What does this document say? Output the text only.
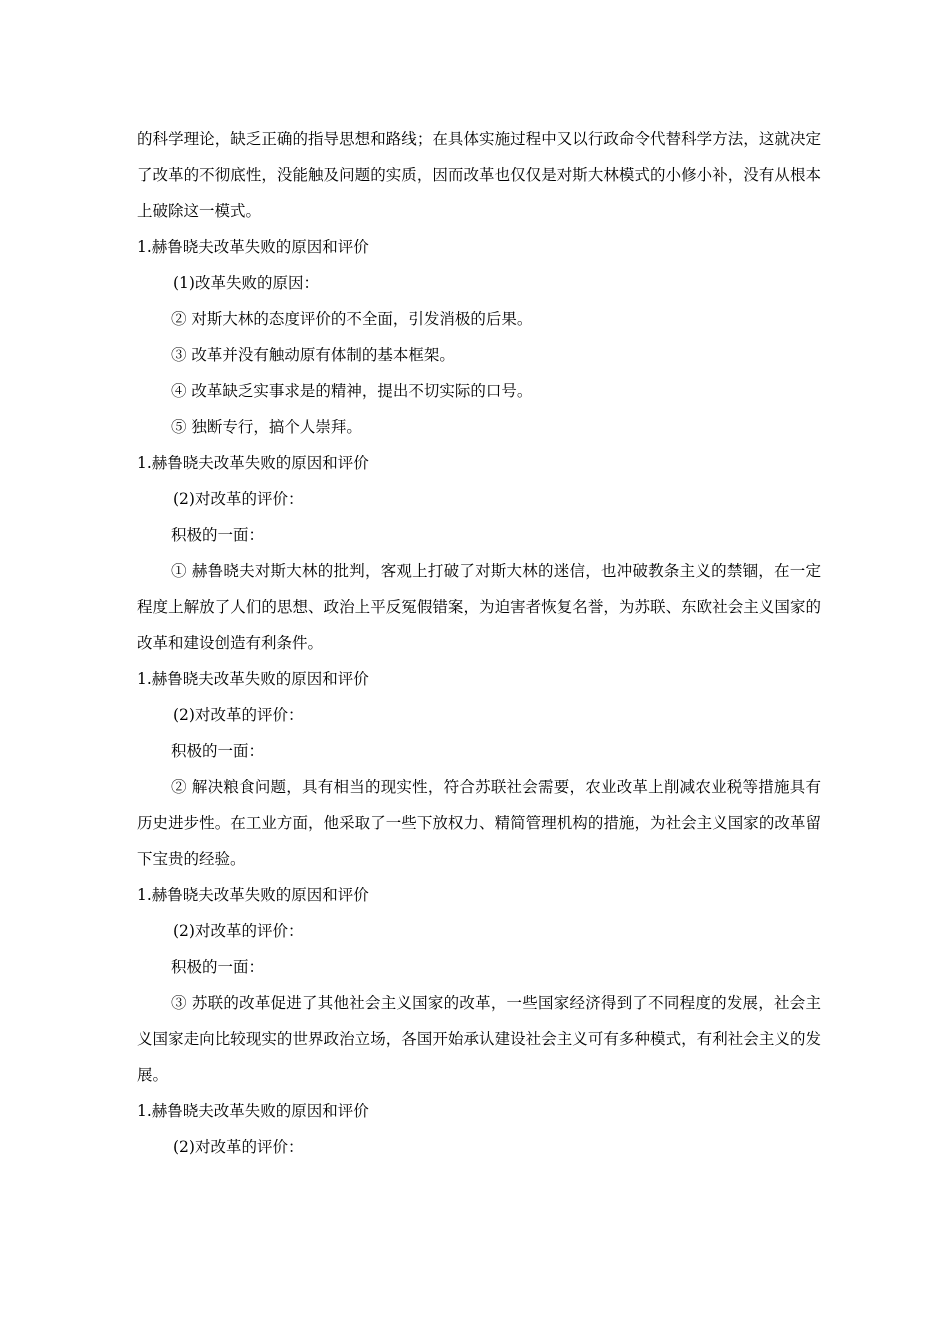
的科学理论，缺乏正确的指导思想和路线；在具体实施过程中又以行政命令代替科学方法，这就决定了改革的不彻底性，没能触及问题的实质，因而改革也仅仅是对斯大林模式的小修小补，没有从根本上破除这一模式。

1.赫鲁晓夫改革失败的原因和评价

(1)改革失败的原因：

② 对斯大林的态度评价的不全面，引发消极的后果。

③ 改革并没有触动原有体制的基本框架。

④ 改革缺乏实事求是的精神，提出不切实际的口号。

⑤ 独断专行，搞个人崇拜。

1.赫鲁晓夫改革失败的原因和评价

(2)对改革的评价：

积极的一面：

① 赫鲁晓夫对斯大林的批判，客观上打破了对斯大林的迷信，也冲破教条主义的禁锢，在一定程度上解放了人们的思想、政治上平反冤假错案，为迫害者恢复名誉，为苏联、东欧社会主义国家的改革和建设创造有利条件。

1.赫鲁晓夫改革失败的原因和评价

(2)对改革的评价：

积极的一面：

② 解决粮食问题，具有相当的现实性，符合苏联社会需要，农业改革上削减农业税等措施具有历史进步性。在工业方面，他采取了一些下放权力、精简管理机构的措施，为社会主义国家的改革留下宝贵的经验。

1.赫鲁晓夫改革失败的原因和评价

(2)对改革的评价：

积极的一面：

③ 苏联的改革促进了其他社会主义国家的改革，一些国家经济得到了不同程度的发展，社会主义国家走向比较现实的世界政治立场，各国开始承认建设社会主义可有多种模式，有利社会主义的发展。

1.赫鲁晓夫改革失败的原因和评价

(2)对改革的评价：
